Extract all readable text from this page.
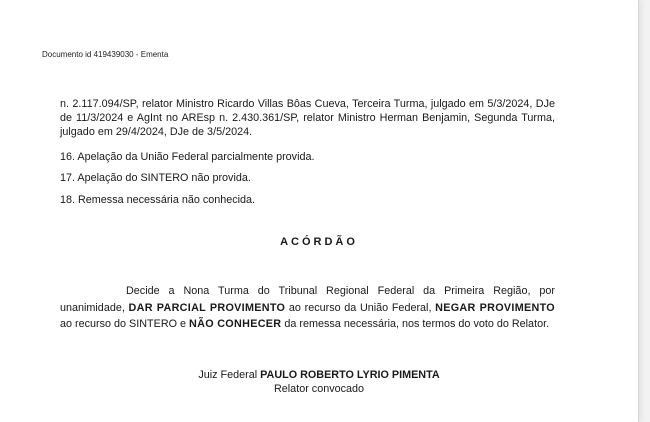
Documento id 419439030 - Ementa
n. 2.117.094/SP, relator Ministro Ricardo Villas Bôas Cueva, Terceira Turma, julgado em 5/3/2024, DJe de 11/3/2024 e AgInt no AREsp n. 2.430.361/SP, relator Ministro Herman Benjamin, Segunda Turma, julgado em 29/4/2024, DJe de 3/5/2024.
16. Apelação da União Federal parcialmente provida.
17. Apelação do SINTERO não provida.
18. Remessa necessária não conhecida.
ACÓRDÃO
Decide a Nona Turma do Tribunal Regional Federal da Primeira Região, por unanimidade, DAR PARCIAL PROVIMENTO ao recurso da União Federal, NEGAR PROVIMENTO ao recurso do SINTERO e NÃO CONHECER da remessa necessária, nos termos do voto do Relator.
Juiz Federal PAULO ROBERTO LYRIO PIMENTA
Relator convocado
